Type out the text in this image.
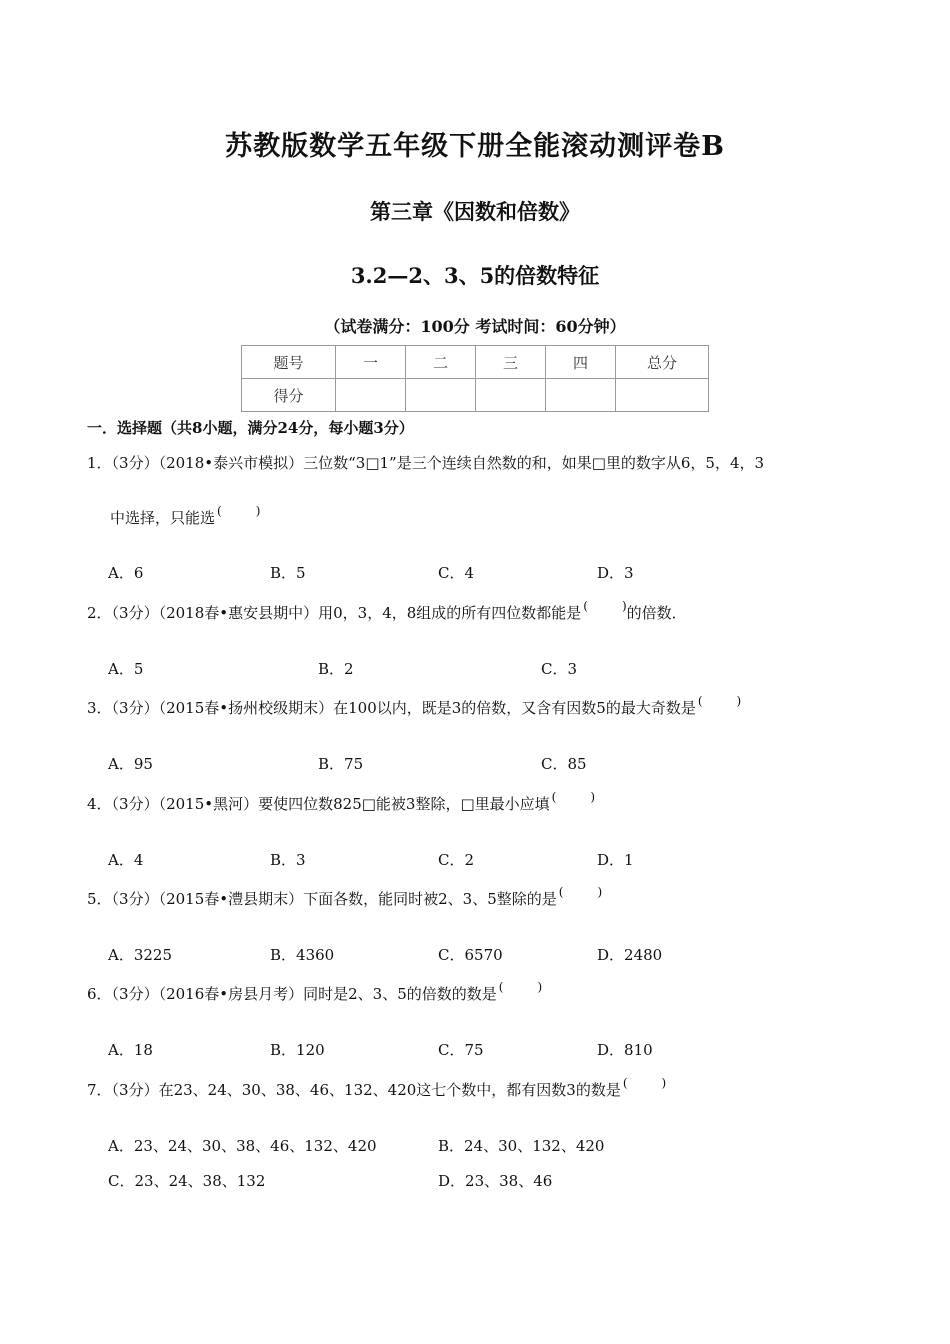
苏教版数学五年级下册全能滚动测评卷B
第三章《因数和倍数》
3.2—2、3、5的倍数特征
（试卷满分：100分 考试时间：60分钟）
题号	一	二	三	四	总分
得分					
一．选择题（共8小题，满分24分，每小题3分）
1．（3分）（2018•泰兴市模拟）三位数“3□1”是三个连续自然数的和，如果□里的数字从6，5，4，3
中选择，只能选 (	)
A．6	B．5	C．4	D．3
2．（3分）（2018春•惠安县期中）用0，3，4，8组成的所有四位数都能是 (	)的倍数．
A．5	B．2	C．3
3．（3分）（2015春•扬州校级期末）在100以内，既是3的倍数，又含有因数5的最大奇数是 (	)
A．95	B．75	C．85
4．（3分）（2015•黑河）要使四位数825□能被3整除，□里最小应填 (	)
A．4	B．3	C．2	D．1
5．（3分）（2015春•澧县期末）下面各数，能同时被2、3、5整除的是 (	)
A．3225	B．4360	C．6570	D．2480
6．（3分）（2016春•房县月考）同时是2、3、5的倍数的数是 (	)
A．18	B．120	C．75	D．810
7．（3分）在23、24、30、38、46、132、420这七个数中，都有因数3的数是 (	)
A．23、24、30、38、46、132、420	B．24、30、132、420
C．23、24、38、132	D．23、38、46
